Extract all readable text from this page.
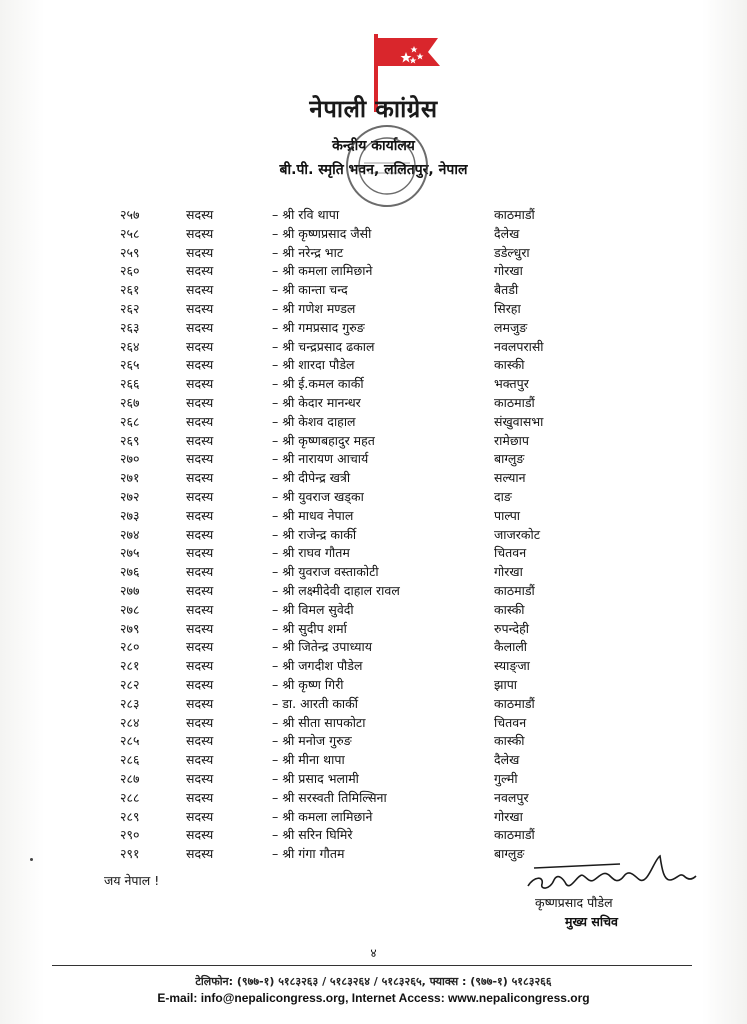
नेपाली काांग्रेस
केन्द्रीय कार्यालय
बी.पी. स्मृति भवन, ललितपुर, नेपाल
२५७	सदस्य	– श्री रवि थापा	काठमाडौं
२५८	सदस्य	– श्री कृष्णप्रसाद जैसी	दैलेख
२५९	सदस्य	– श्री नरेन्द्र भाट	डडेल्धुरा
२६०	सदस्य	– श्री कमला लामिछाने	गोरखा
२६१	सदस्य	– श्री कान्ता चन्द	बैतडी
२६२	सदस्य	– श्री गणेश मण्डल	सिरहा
२६३	सदस्य	– श्री गमप्रसाद गुरुङ	लमजुङ
२६४	सदस्य	– श्री चन्द्रप्रसाद ढकाल	नवलपरासी
२६५	सदस्य	– श्री शारदा पौडेल	कास्की
२६६	सदस्य	– श्री ई.कमल कार्की	भक्तपुर
२६७	सदस्य	– श्री केदार मानन्धर	काठमाडौं
२६८	सदस्य	– श्री केशव दाहाल	संखुवासभा
२६९	सदस्य	– श्री कृष्णबहादुर महत	रामेछाप
२७०	सदस्य	– श्री नारायण आचार्य	बाग्लुङ
२७१	सदस्य	– श्री दीपेन्द्र खत्री	सल्यान
२७२	सदस्य	– श्री युवराज खड्का	दाङ
२७३	सदस्य	– श्री माधव नेपाल	पाल्पा
२७४	सदस्य	– श्री राजेन्द्र कार्की	जाजरकोट
२७५	सदस्य	– श्री राघव गौतम	चितवन
२७६	सदस्य	– श्री युवराज वस्ताकोटी	गोरखा
२७७	सदस्य	– श्री लक्ष्मीदेवी दाहाल रावल	काठमाडौं
२७८	सदस्य	– श्री विमल सुवेदी	कास्की
२७९	सदस्य	– श्री सुदीप शर्मा	रुपन्देही
२८०	सदस्य	– श्री जितेन्द्र उपाध्याय	कैलाली
२८१	सदस्य	– श्री जगदीश पौडेल	स्याङ्जा
२८२	सदस्य	– श्री कृष्ण गिरी	झापा
२८३	सदस्य	– डा. आरती कार्की	काठमाडौं
२८४	सदस्य	– श्री सीता सापकोटा	चितवन
२८५	सदस्य	– श्री मनोज गुरुङ	कास्की
२८६	सदस्य	– श्री मीना थापा	दैलेख
२८७	सदस्य	– श्री प्रसाद भलामी	गुल्मी
२८८	सदस्य	– श्री सरस्वती तिमिल्सिना	नवलपुर
२८९	सदस्य	– श्री कमला लामिछाने	गोरखा
२९०	सदस्य	– श्री सरिन घिमिरे	काठमाडौं
२९१	सदस्य	– श्री गंगा गौतम	बाग्लुङ
जय नेपाल !
कृष्णप्रसाद पौडेल
मुख्य सचिव
४
टेलिफोन: (९७७-१) ५१८३२६३ / ५१८३२६४ / ५१८३२६५, फ्याक्स : (९७७-१) ५१८३२६६
E-mail: info@nepalicongress.org, Internet Access: www.nepalicongress.org
